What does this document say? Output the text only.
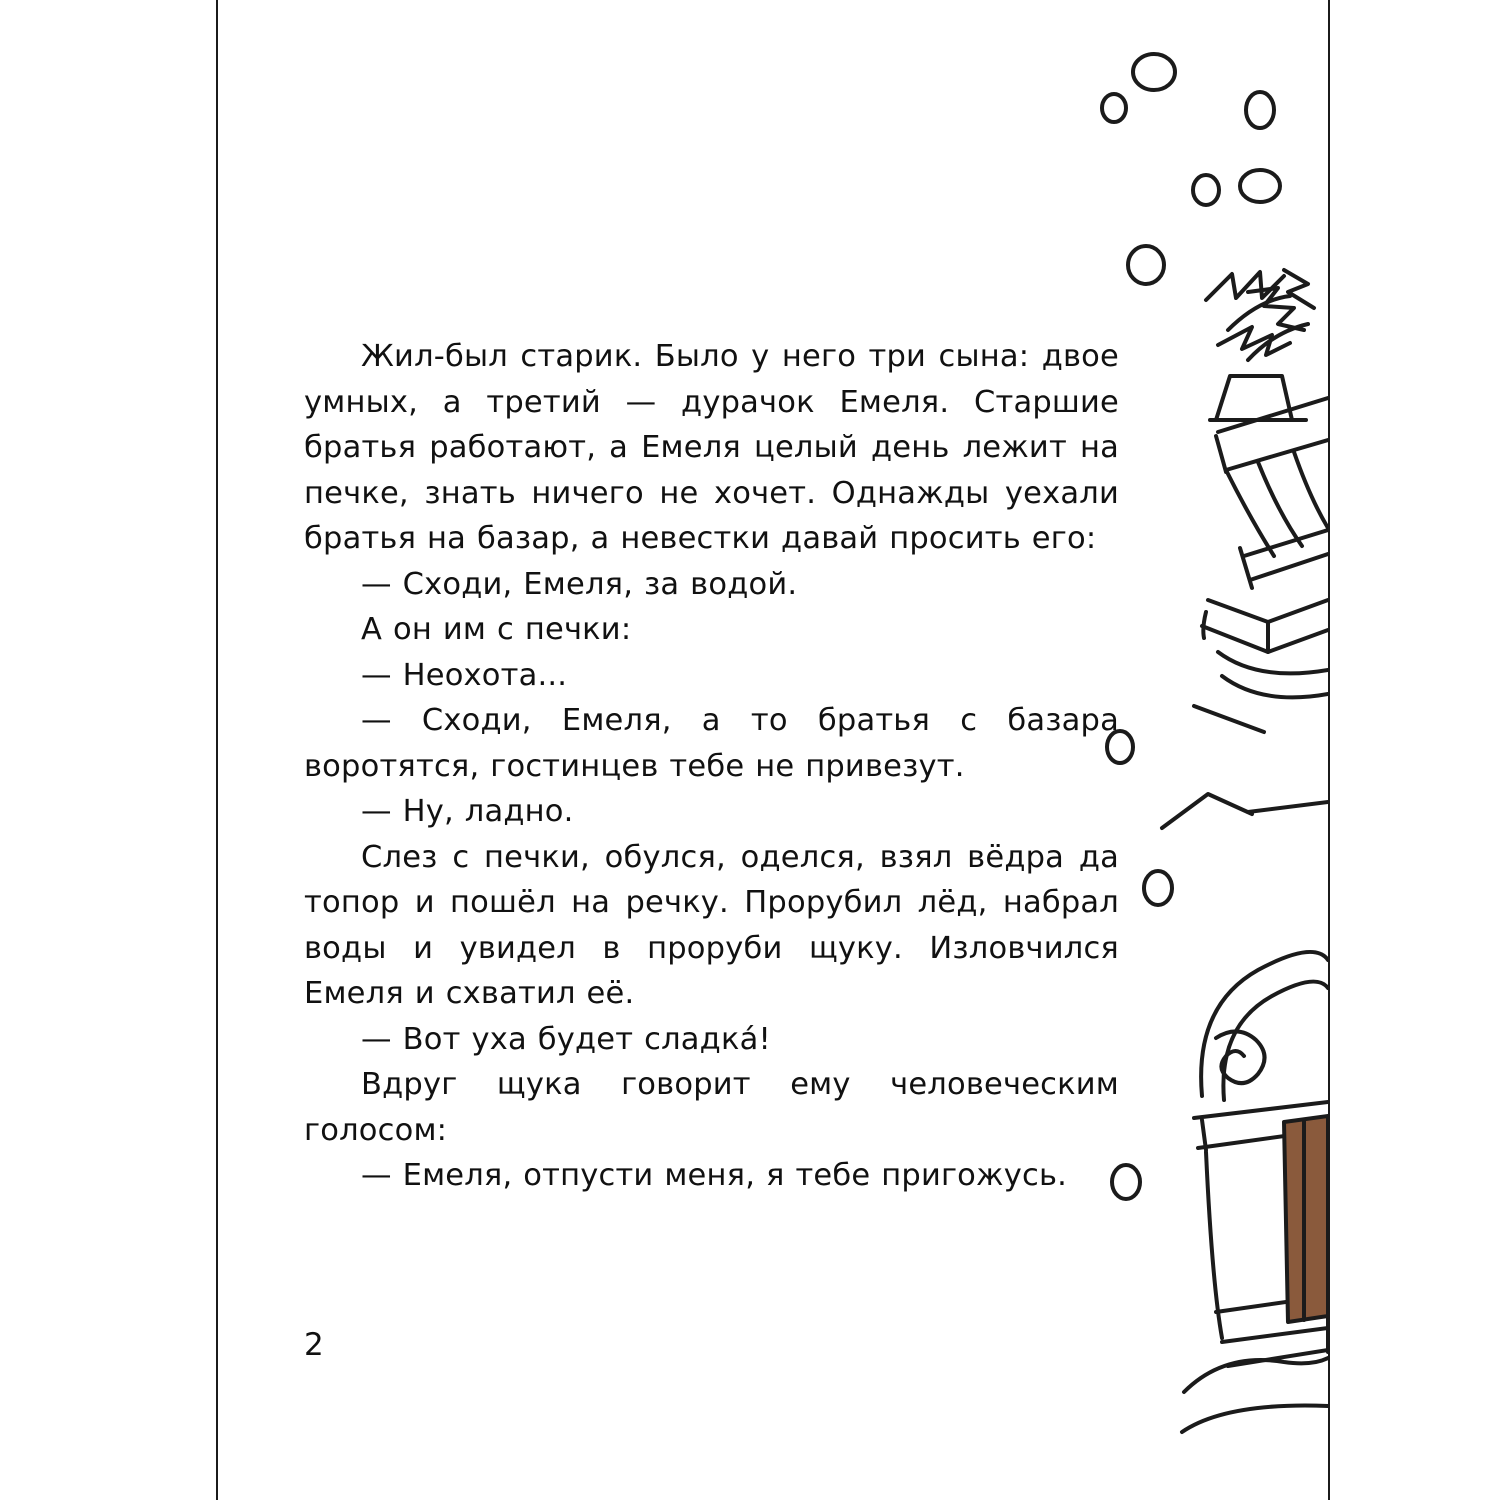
Жил-был старик. Было у него три сына: двое умных, а третий — дурачок Емеля. Старшие братья работают, а Емеля целый день лежит на печке, знать ничего не хочет. Однажды уехали братья на базар, а невестки давай просить его:

— Сходи, Емеля, за водой.

А он им с печки:

— Неохота...

— Сходи, Емеля, а то братья с базара воротятся, гостинцев тебе не привезут.

— Ну, ладно.

Слез с печки, обулся, оделся, взял вёдра да топор и пошёл на речку. Прорубил лёд, набрал воды и увидел в проруби щуку. Изловчился Емеля и схватил её.

— Вот уха будет сладка́!

Вдруг щука говорит ему человеческим голосом:

— Емеля, отпусти меня, я тебе пригожусь.

2
